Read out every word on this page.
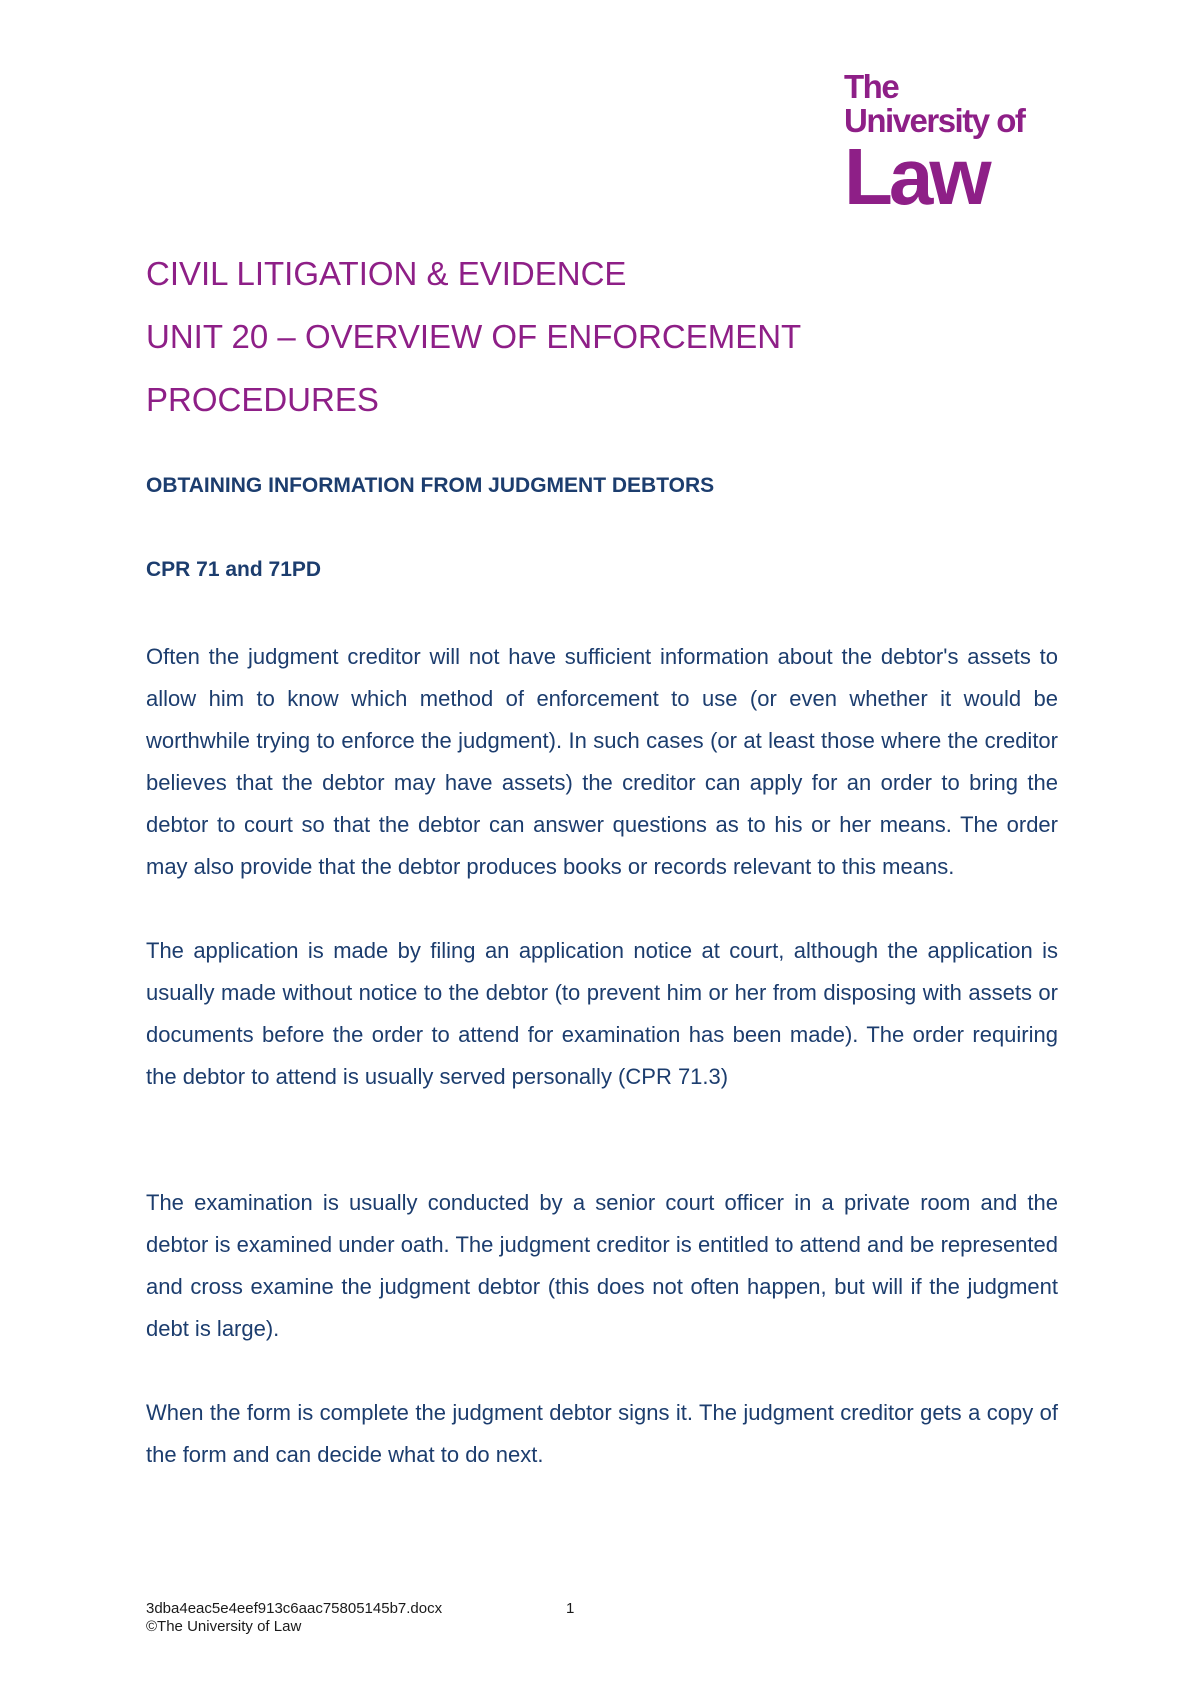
The
University of
Law
CIVIL LITIGATION & EVIDENCE
UNIT 20 – OVERVIEW OF ENFORCEMENT
PROCEDURES
OBTAINING INFORMATION FROM JUDGMENT DEBTORS
CPR 71 and 71PD
Often the judgment creditor will not have sufficient information about the debtor's assets to allow him to know which method of enforcement to use (or even whether it would be worthwhile trying to enforce the judgment). In such cases (or at least those where the creditor believes that the debtor may have assets) the creditor can apply for an order to bring the debtor to court so that the debtor can answer questions as to his or her means. The order may also provide that the debtor produces books or records relevant to this means.
The application is made by filing an application notice at court, although the application is usually made without notice to the debtor (to prevent him or her from disposing with assets or documents before the order to attend for examination has been made). The order requiring the debtor to attend is usually served personally (CPR 71.3)
The examination is usually conducted by a senior court officer in a private room and the debtor is examined under oath. The judgment creditor is entitled to attend and be represented and cross examine the judgment debtor (this does not often happen, but will if the judgment debt is large).
When the form is complete the judgment debtor signs it. The judgment creditor gets a copy of the form and can decide what to do next.
3dba4eac5e4eef913c6aac75805145b7.docx
©The University of Law
1
